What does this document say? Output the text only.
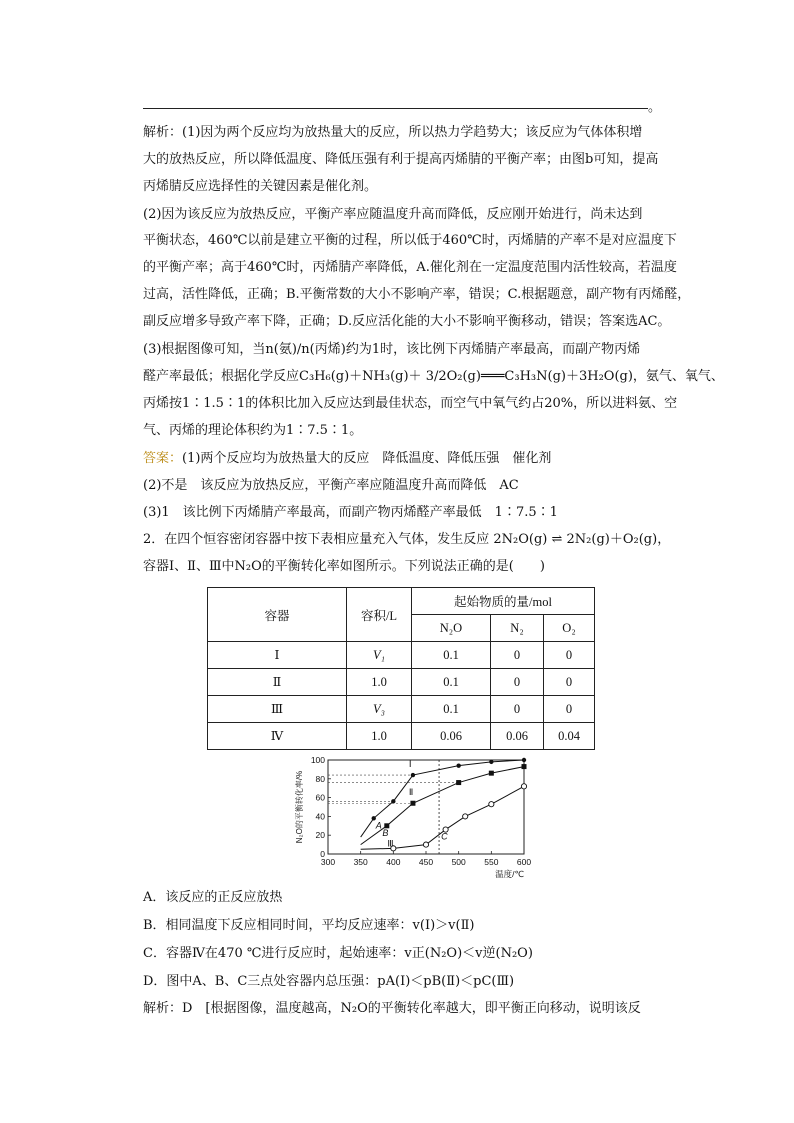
。

解析：(1)因为两个反应均为放热量大的反应，所以热力学趋势大；该反应为气体体积增

大的放热反应，所以降低温度、降低压强有利于提高丙烯腈的平衡产率；由图b可知，提高

丙烯腈反应选择性的关键因素是催化剂。

(2)因为该反应为放热反应，平衡产率应随温度升高而降低，反应刚开始进行，尚未达到

平衡状态，460℃以前是建立平衡的过程，所以低于460℃时，丙烯腈的产率不是对应温度下

的平衡产率；高于460℃时，丙烯腈产率降低，A.催化剂在一定温度范围内活性较高，若温度

过高，活性降低，正确；B.平衡常数的大小不影响产率，错误；C.根据题意，副产物有丙烯醛，

副反应增多导致产率下降，正确；D.反应活化能的大小不影响平衡移动，错误；答案选AC。

(3)根据图像可知，当n(氨)/n(丙烯)约为1时，该比例下丙烯腈产率最高，而副产物丙烯

醛产率最低；根据化学反应C₃H₆(g)＋NH₃(g)＋ 3/2O₂(g)═══C₃H₃N(g)＋3H₂O(g)，氨气、氧气、

丙烯按1∶1.5∶1的体积比加入反应达到最佳状态，而空气中氧气约占20%，所以进料氨、空

气、丙烯的理论体积约为1∶7.5∶1。

答案：(1)两个反应均为放热量大的反应　降低温度、降低压强　催化剂

(2)不是　该反应为放热反应，平衡产率应随温度升高而降低　AC

(3)1　该比例下丙烯腈产率最高，而副产物丙烯醛产率最低　1∶7.5∶1

2．在四个恒容密闭容器中按下表相应量充入气体，发生反应 2N₂O(g) ⇌ 2N₂(g)＋O₂(g)，

容器Ⅰ、Ⅱ、Ⅲ中N₂O的平衡转化率如图所示。下列说法正确的是(　　)

容器	容积/L	起始物质的量/mol		
		N₂O	N₂	O₂
Ⅰ	V₁	0.1	0	0
Ⅱ	1.0	0.1	0	0
Ⅲ	V₃	0.1	0	0
Ⅳ	1.0	0.06	0.06	0.04
300 350 400 450 500 550 600
0
20
40
60
80
100
温度/℃
N₂O的平衡转化率/%
Ⅰ
Ⅱ
Ⅲ
A
B	C
A．该反应的正反应放热
B．相同温度下反应相同时间，平均反应速率：v(Ⅰ)＞v(Ⅱ)
C．容器Ⅳ在470 ℃进行反应时，起始速率：v正(N₂O)＜v逆(N₂O)
D．图中A、B、C三点处容器内总压强：pA(Ⅰ)＜pB(Ⅱ)＜pC(Ⅲ)

解析：D　[根据图像，温度越高，N₂O的平衡转化率越大，即平衡正向移动，说明该反
